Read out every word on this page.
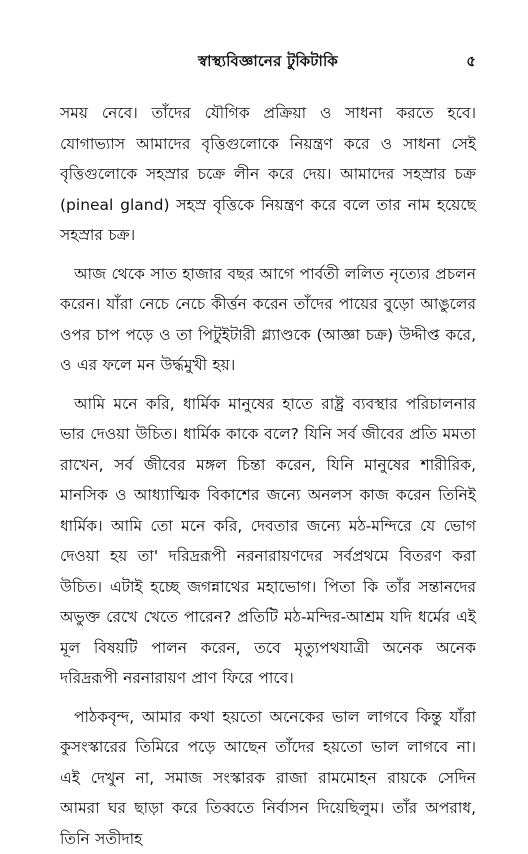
স্বাস্থ্যবিজ্ঞানের টুকিটাকি	৫

সময় নেবে। তাঁদের যৌগিক প্রক্রিয়া ও সাধনা করতে হবে। যোগাভ্যাস আমাদের বৃত্তিগুলোকে নিয়ন্ত্রণ করে ও সাধনা সেই বৃত্তিগুলোকে সহস্রার চক্রে লীন করে দেয়। আমাদের সহস্রার চক্র (pineal gland) সহস্র বৃত্তিকে নিয়ন্ত্রণ করে বলে তার নাম হয়েছে সহস্রার চক্র।

আজ থেকে সাত হাজার বছর আগে পার্বতী ললিত নৃত্যের প্রচলন করেন। যাঁরা নেচে নেচে কীর্ত্তন করেন তাঁদের পায়ের বুড়ো আঙুলের ওপর চাপ পড়ে ও তা পিটুইটারী গ্ল্যাণ্ডকে (আজ্ঞা চক্র) উদ্দীপ্ত করে, ও এর ফলে মন উর্দ্ধমুখী হয়।

আমি মনে করি, ধার্মিক মানুষের হাতে রাষ্ট্র ব্যবস্থার পরিচালনার ভার দেওয়া উচিত। ধার্মিক কাকে বলে? যিনি সর্ব জীবের প্রতি মমতা রাখেন, সর্ব জীবের মঙ্গল চিন্তা করেন, যিনি মানুষের শারীরিক, মানসিক ও আধ্যাত্মিক বিকাশের জন্যে অনলস কাজ করেন তিনিই ধার্মিক। আমি তো মনে করি, দেবতার জন্যে মঠ-মন্দিরে যে ভোগ দেওয়া হয় তা' দরিদ্ররূপী নরনারায়ণদের সর্বপ্রথমে বিতরণ করা উচিত। এটাই হচ্ছে জগন্নাথের মহাভোগ। পিতা কি তাঁর সন্তানদের অভুক্ত রেখে খেতে পারেন? প্রতিটি মঠ-মন্দির-আশ্রম যদি ধর্মের এই মূল বিষয়টি পালন করেন, তবে মৃত্যুপথযাত্রী অনেক অনেক দরিদ্ররূপী নরনারায়ণ প্রাণ ফিরে পাবে।

পাঠকবৃন্দ, আমার কথা হয়তো অনেকের ভাল লাগবে কিন্তু যাঁরা কুসংস্কারের তিমিরে পড়ে আছেন তাঁদের হয়তো ভাল লাগবে না। এই দেখুন না, সমাজ সংস্কারক রাজা রামমোহন রায়কে সেদিন আমরা ঘর ছাড়া করে তিব্বতে নির্বাসন দিয়েছিলুম। তাঁর অপরাধ, তিনি সতীদাহ
